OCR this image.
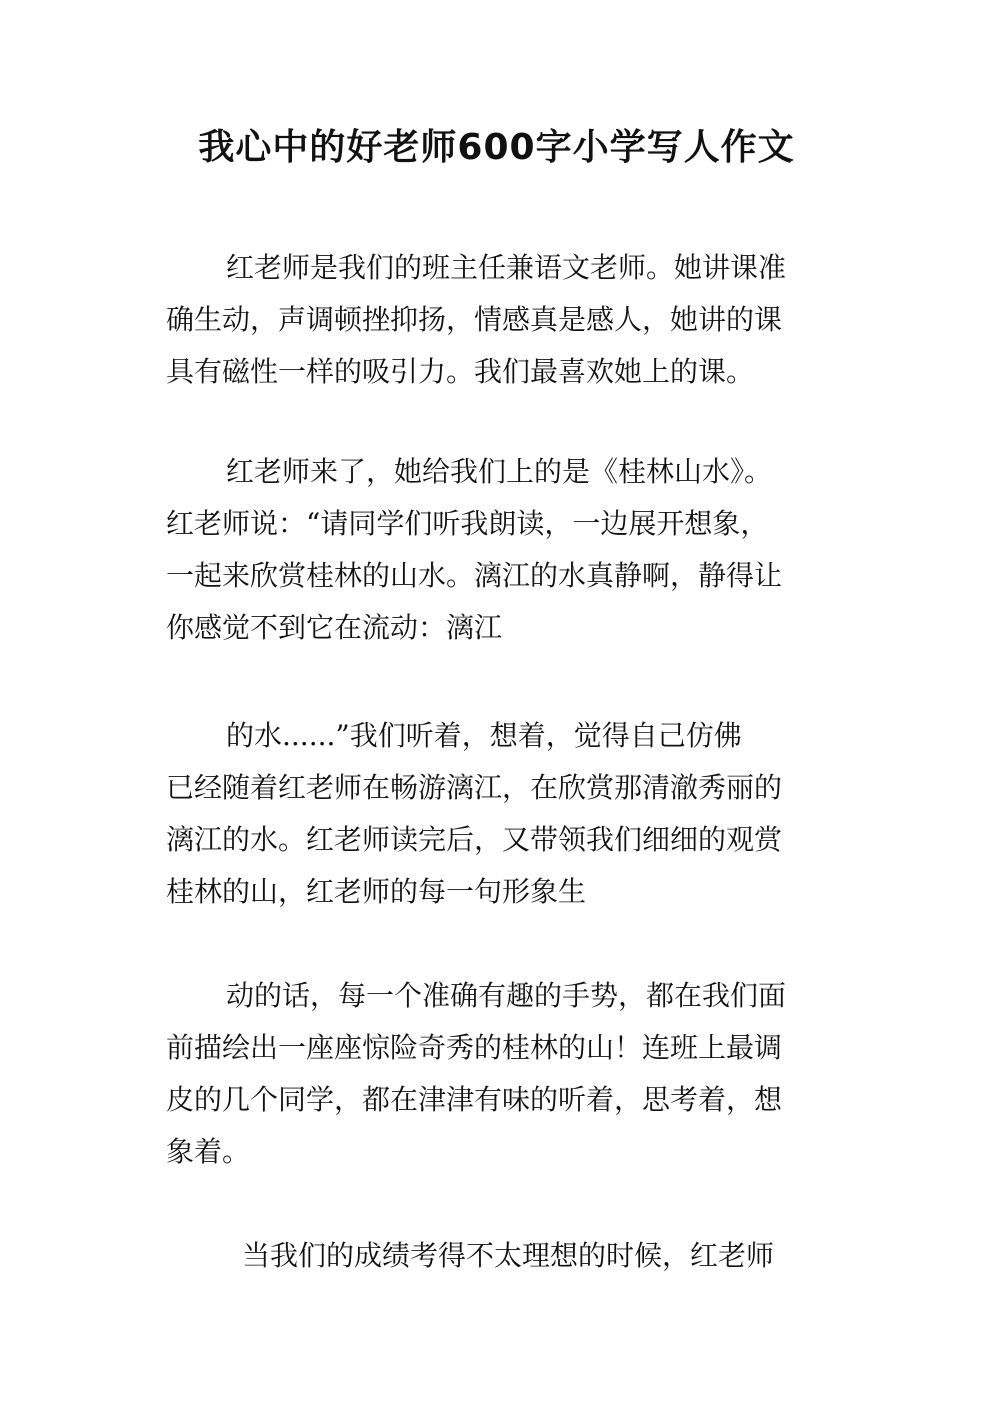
我心中的好老师600字小学写人作文
红老师是我们的班主任兼语文老师。她讲课准
确生动，声调顿挫抑扬，情感真是感人，她讲的课
具有磁性一样的吸引力。我们最喜欢她上的课。
红老师来了，她给我们上的是《桂林山水》。
红老师说：“请同学们听我朗读，一边展开想象，
一起来欣赏桂林的山水。漓江的水真静啊，静得让
你感觉不到它在流动：漓江
的水......”我们听着，想着，觉得自己仿佛
已经随着红老师在畅游漓江，在欣赏那清澈秀丽的
漓江的水。红老师读完后，又带领我们细细的观赏
桂林的山，红老师的每一句形象生
动的话，每一个准确有趣的手势，都在我们面
前描绘出一座座惊险奇秀的桂林的山！连班上最调
皮的几个同学，都在津津有味的听着，思考着，想
象着。
当我们的成绩考得不太理想的时候，红老师
